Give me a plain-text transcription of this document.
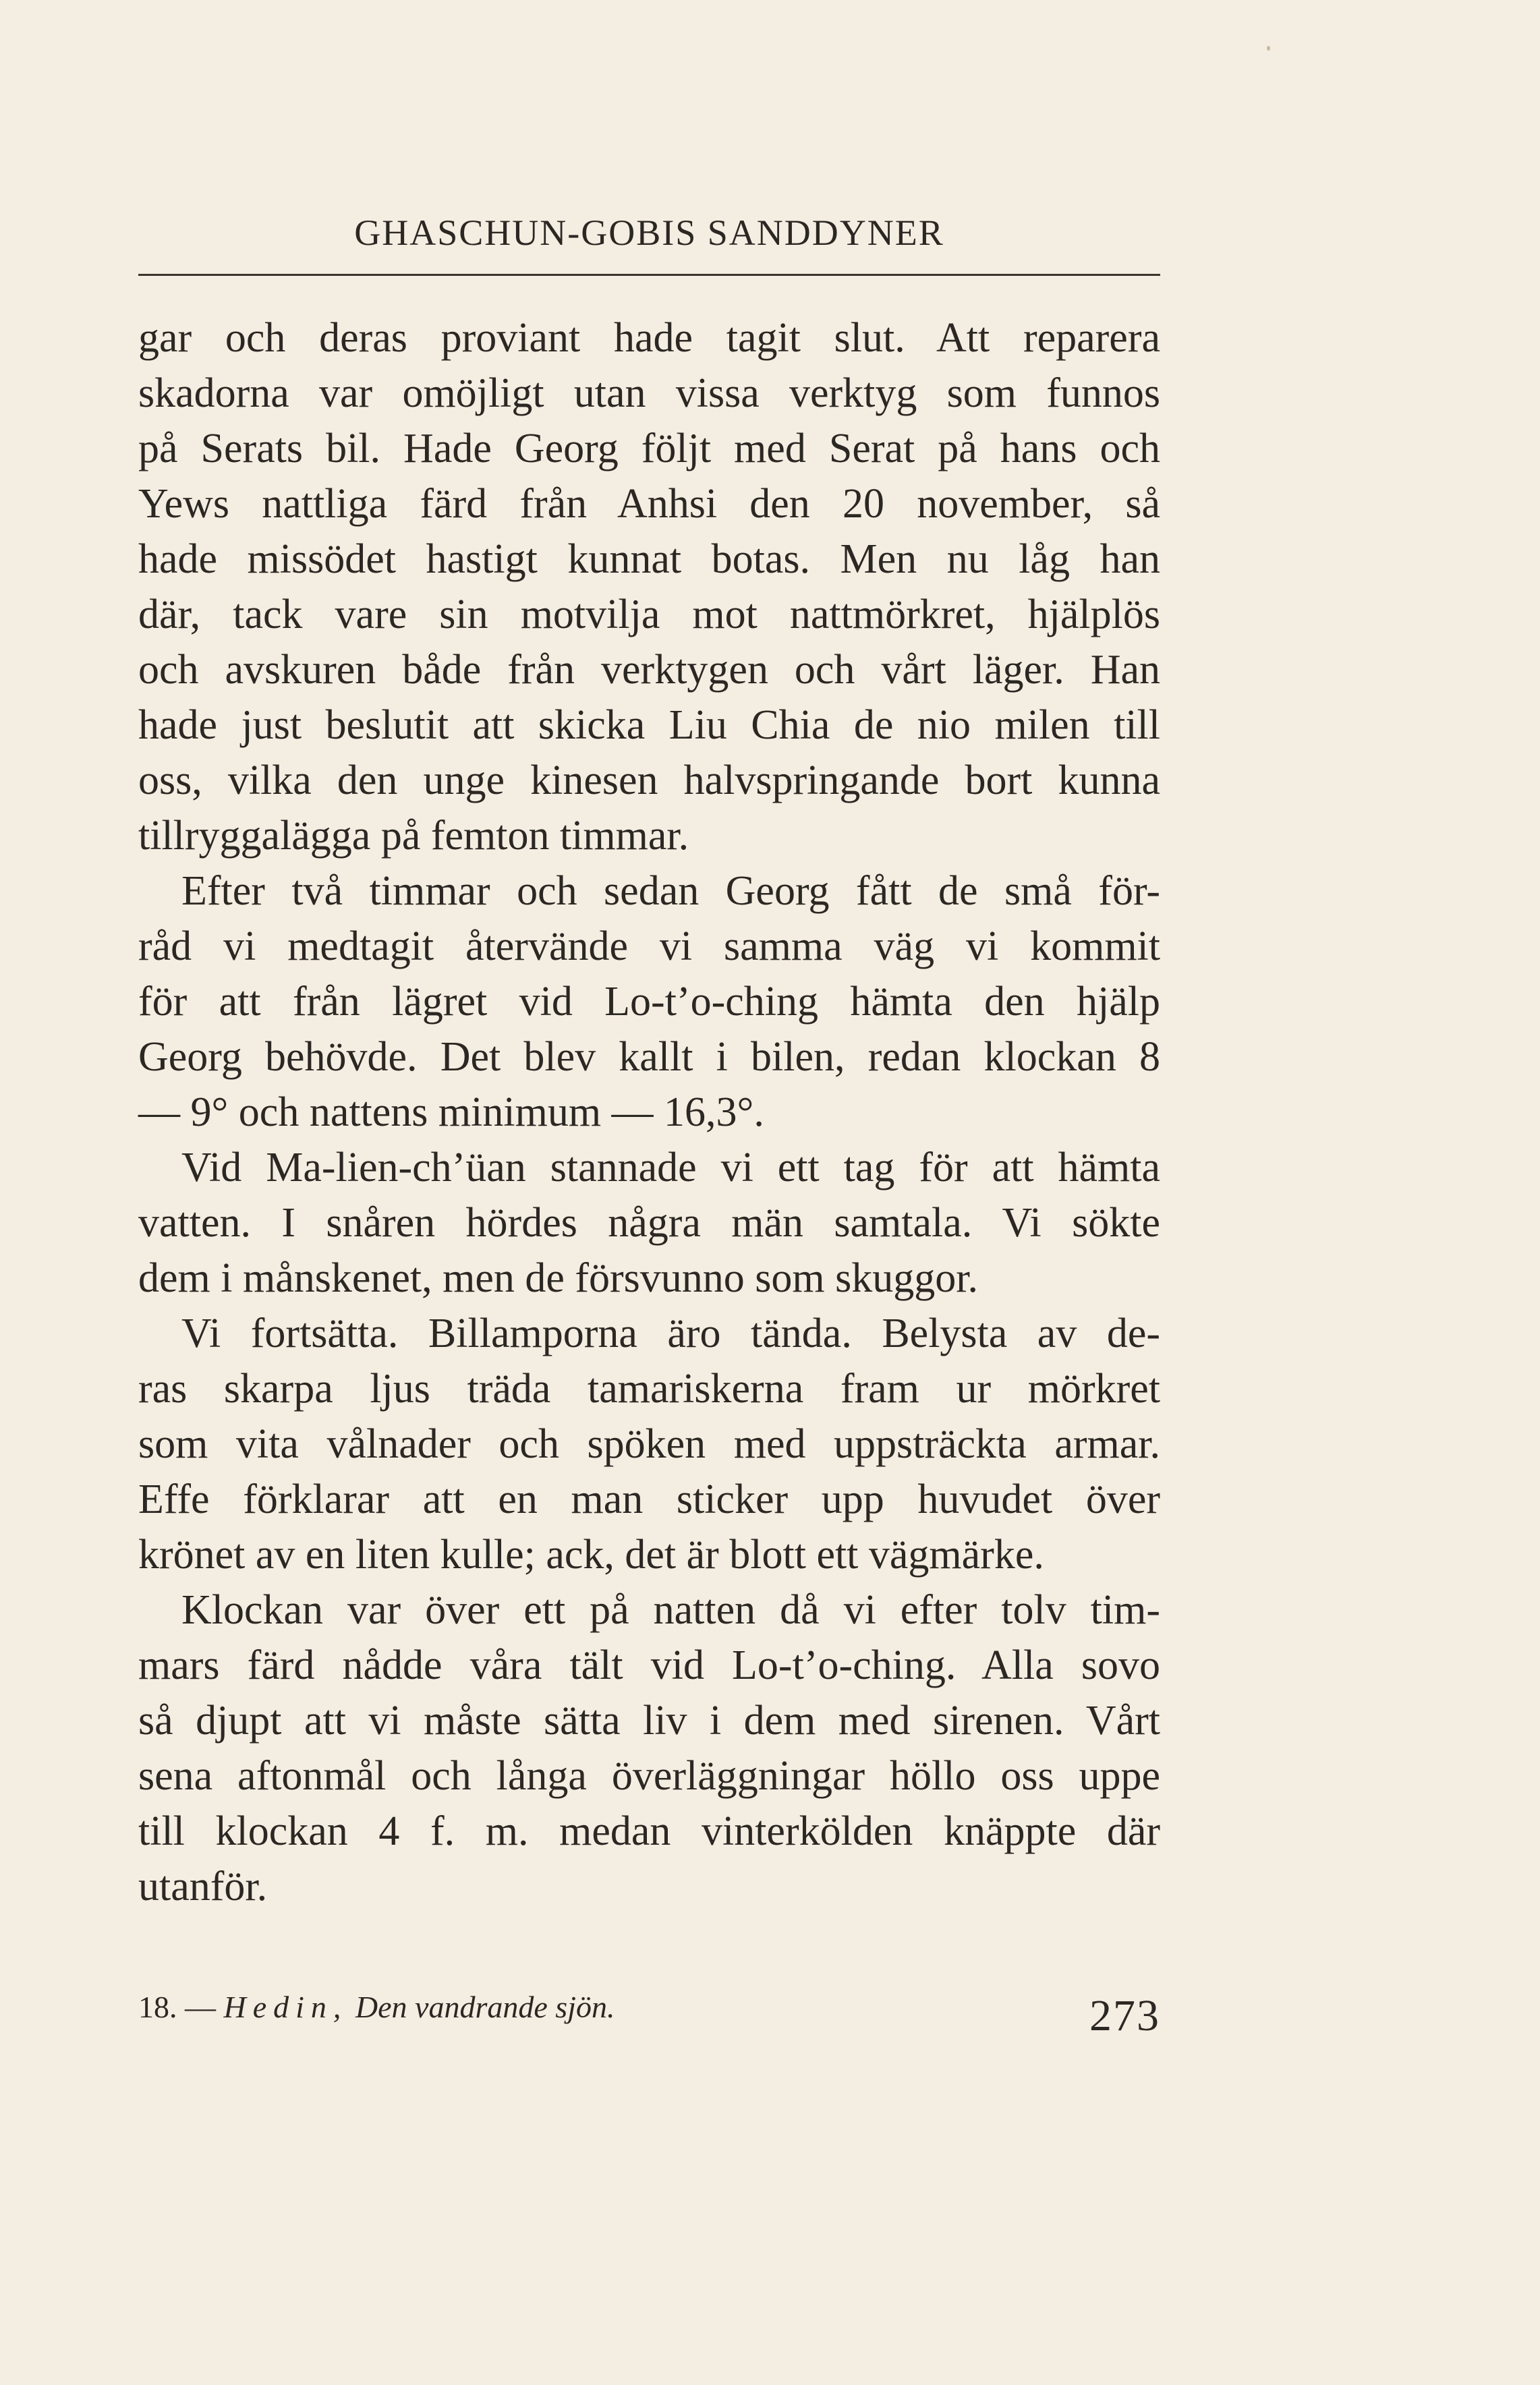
GHASCHUN-GOBIS SANDDYNER
gar och deras proviant hade tagit slut. Att reparera
skadorna var omöjligt utan vissa verktyg som funnos
på Serats bil. Hade Georg följt med Serat på hans och
Yews nattliga färd från Anhsi den 20 november, så
hade missödet hastigt kunnat botas. Men nu låg han
där, tack vare sin motvilja mot nattmörkret, hjälplös
och avskuren både från verktygen och vårt läger. Han
hade just beslutit att skicka Liu Chia de nio milen till
oss, vilka den unge kinesen halvspringande bort kunna
tillryggalägga på femton timmar.
Efter två timmar och sedan Georg fått de små för-
råd vi medtagit återvände vi samma väg vi kommit
för att från lägret vid Lo-t’o-ching hämta den hjälp
Georg behövde. Det blev kallt i bilen, redan klockan 8
— 9° och nattens minimum — 16,3°.
Vid Ma-lien-ch’üan stannade vi ett tag för att hämta
vatten. I snåren hördes några män samtala. Vi sökte
dem i månskenet, men de försvunno som skuggor.
Vi fortsätta. Billamporna äro tända. Belysta av de-
ras skarpa ljus träda tamariskerna fram ur mörkret
som vita vålnader och spöken med uppsträckta armar.
Effe förklarar att en man sticker upp huvudet över
krönet av en liten kulle; ack, det är blott ett vägmärke.
Klockan var över ett på natten då vi efter tolv tim-
mars färd nådde våra tält vid Lo-t’o-ching. Alla sovo
så djupt att vi måste sätta liv i dem med sirenen. Vårt
sena aftonmål och långa överläggningar höllo oss uppe
till klockan 4 f. m. medan vinterkölden knäppte där
utanför.
18. — Hedin, Den vandrande sjön.	273
